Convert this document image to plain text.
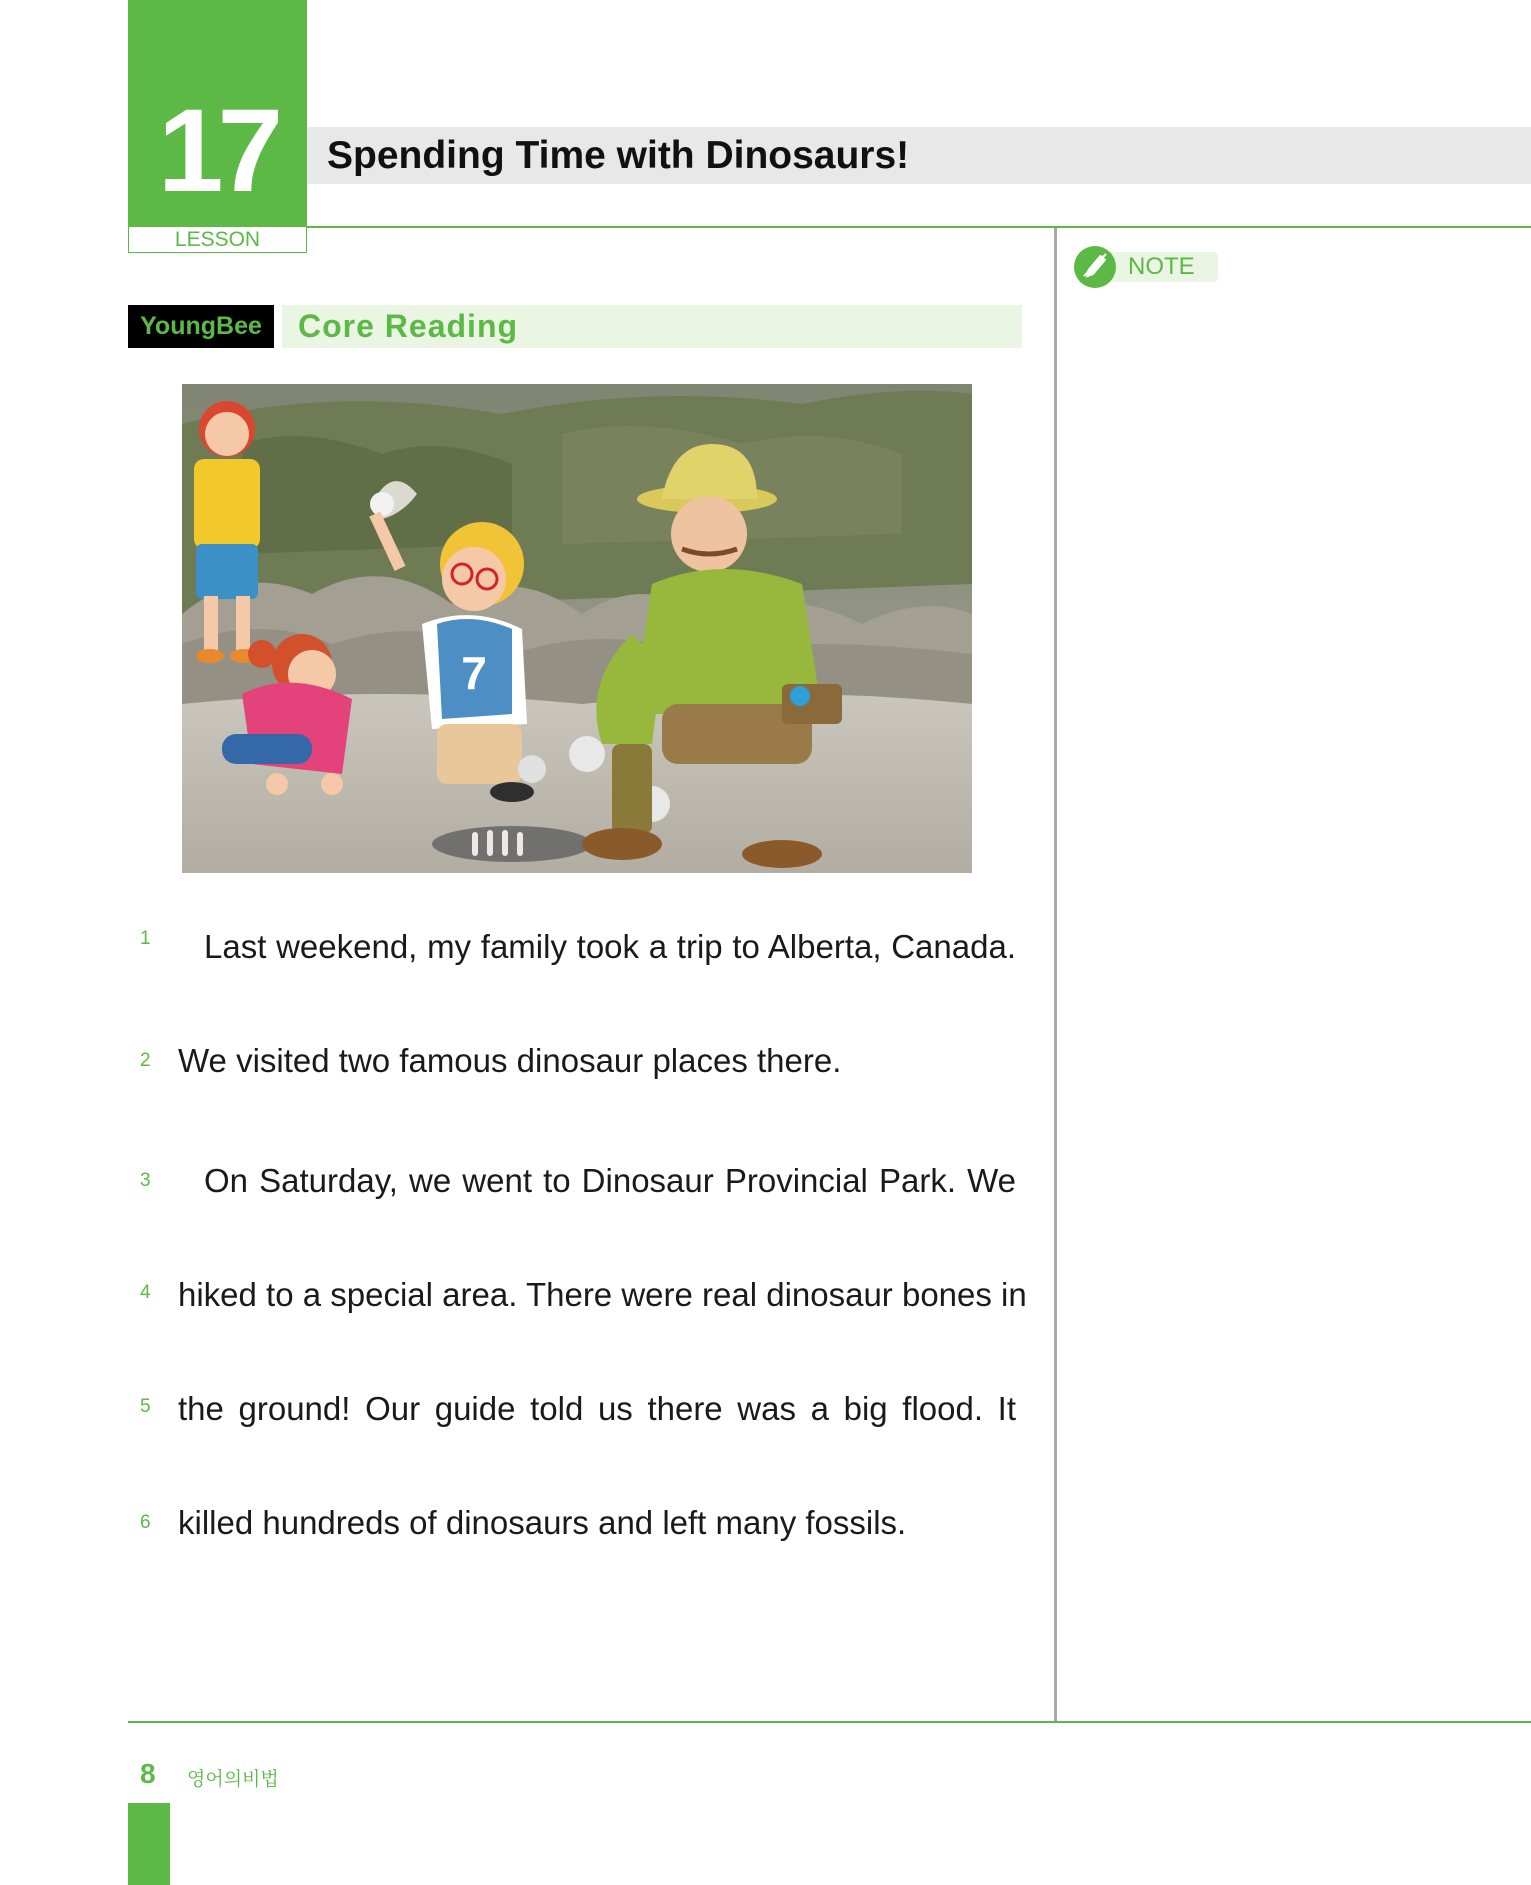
17
LESSON
Spending Time with Dinosaurs!
NOTE
YoungBee	Core Reading
7
1	Last weekend, my family took a trip to Alberta, Canada.
2 We visited two famous dinosaur places there.
3	On Saturday, we went to Dinosaur Provincial Park. We
4 hiked to a special area. There were real dinosaur bones in
5 the ground! Our guide told us there was a big flood. It
6 killed hundreds of dinosaurs and left many fossils.
8 영어의비법
